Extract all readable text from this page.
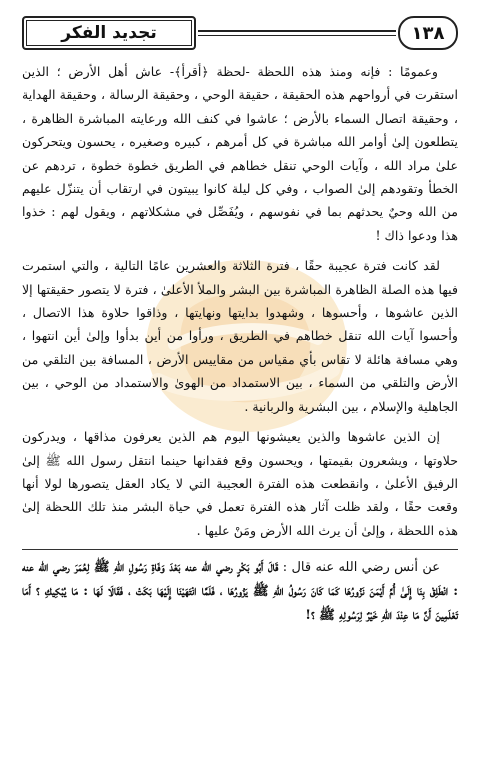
تجديد الفكر	١٣٨

وعمومًا : فإنه ومنذ هذه اللحظة -لحظة ﴿أقرأ﴾- عاش أهل الأرض ؛ الذين استقرت في أرواحهم هذه الحقيقة ، حقيقة الوحي ، وحقيقة الرسالة ، وحقيقة الهداية ، وحقيقة اتصال السماء بالأرض ؛ عاشوا في كنف الله ورعايته المباشرة الظاهرة ، يتطلعون إلىٰ أوامر الله مباشرة في كل أمرهم ، كبيره وصغيره ، يحسون ويتحركون علىٰ مراد الله ، وآيات الوحي تنقل خطاهم في الطريق خطوة خطوة ، تردهم عن الخطأ وتقودهم إلىٰ الصواب ، وفي كل ليلة كانوا يبيتون في ارتقاب أن يتنزّل عليهم من الله وحيٌ يحدثهم بما في نفوسهم ، ويُفَصِّل في مشكلاتهم ، ويقول لهم : خذوا هذا ودعوا ذاك !

لقد كانت فترة عجيبة حقًا ، فترة الثلاثة والعشرين عامًا التالية ، والتي استمرت فيها هذه الصلة الظاهرة المباشرة بين البشر والملأ الأعلىٰ ، فترة لا يتصور حقيقتها إلا الذين عاشوها ، وأحسوها ، وشهدوا بدايتها ونهايتها ، وذاقوا حلاوة هذا الاتصال ، وأحسوا آيات الله تنقل خطاهم في الطريق ، ورأوا من أين بدأوا وإلىٰ أين انتهوا ، وهي مسافة هائلة لا تقاس بأي مقياس من مقاييس الأرض ، المسافة بين التلقي من الأرض والتلقي من السماء ، بين الاستمداد من الهوىٰ والاستمداد من الوحي ، بين الجاهلية والإسلام ، بين البشرية والربانية .

إن الذين عاشوها والذين يعيشونها اليوم هم الذين يعرفون مذاقها ، ويدركون حلاوتها ، ويشعرون بقيمتها ، ويحسون وقع فقدانها حينما انتقل رسول الله ﷺ إلىٰ الرفيق الأعلىٰ ، وانقطعت هذه الفترة العجيبة التي لا يكاد العقل يتصورها لولا أنها وقعت حقًا ، ولقد ظلت آثار هذه الفترة تعمل في حياة البشر منذ تلك اللحظة إلىٰ هذه اللحظة ، وإلىٰ أن يرث الله الأرض ومَنْ عليها .

عن أنس رضي الله عنه قال : قَالَ أَبُو بَكْرٍ رضي الله عنه بَعْدَ وَفَاةِ رَسُولِ اللهِ ﷺ لِعُمَرَ رضي الله عنه : انْطَلِقْ بِنَا إِلَىٰ أُمِّ أَيْمَنَ نَزُورُهَا كَمَا كَانَ رَسُولُ اللهِ ﷺ يَزُورُهَا ، فَلَمَّا انْتَهَيْنَا إِلَيْهَا بَكَتْ ، فَقَالَا لَهَا : مَا يُبْكِيكِ ؟ أَمَا تَعْلَمِينَ أَنَّ مَا عِنْدَ اللهِ خَيْرٌ لِرَسُولِهِ ﷺ ؟!
